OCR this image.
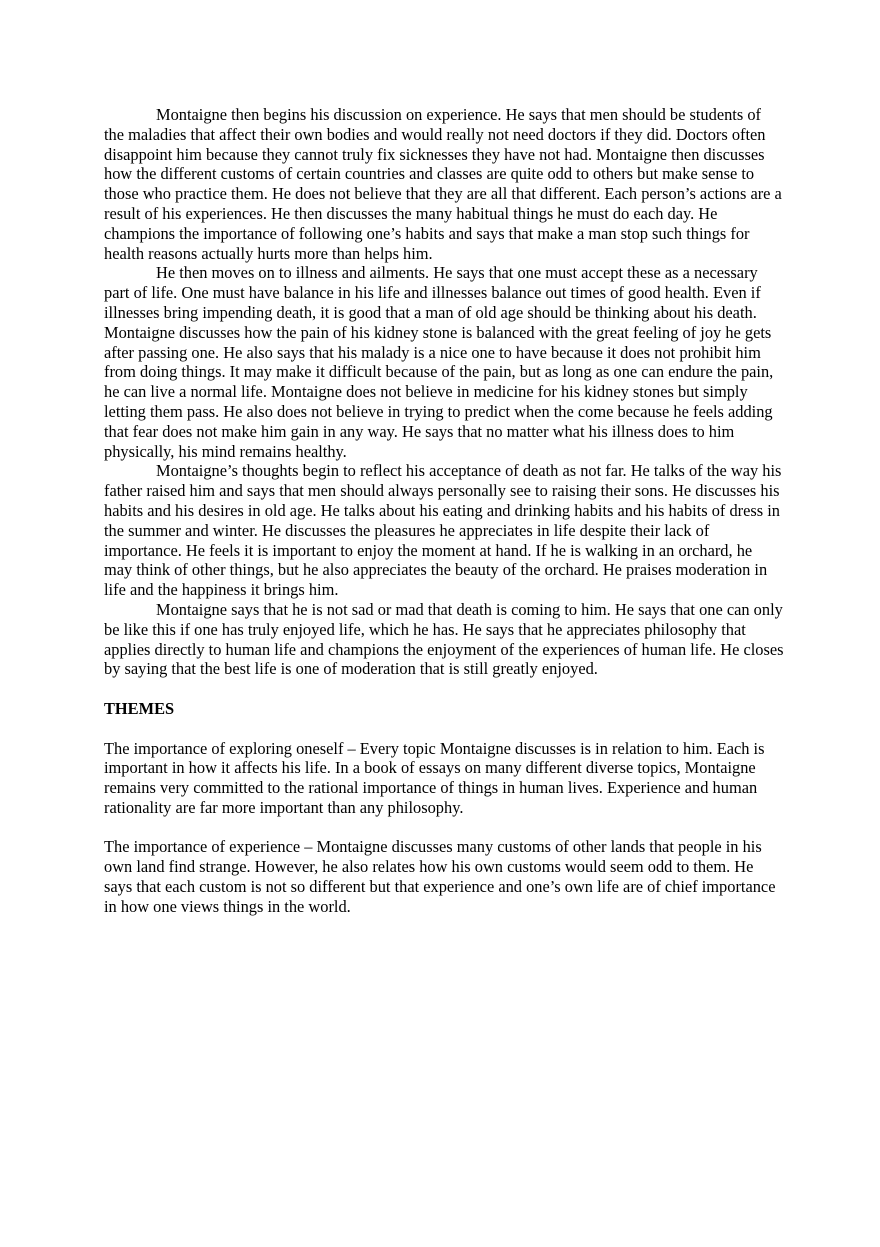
Montaigne then begins his discussion on experience. He says that men should be students of the maladies that affect their own bodies and would really not need doctors if they did. Doctors often disappoint him because they cannot truly fix sicknesses they have not had. Montaigne then discusses how the different customs of certain countries and classes are quite odd to others but make sense to those who practice them. He does not believe that they are all that different. Each person’s actions are a result of his experiences. He then discusses the many habitual things he must do each day. He champions the importance of following one’s habits and says that make a man stop such things for health reasons actually hurts more than helps him.

He then moves on to illness and ailments. He says that one must accept these as a necessary part of life. One must have balance in his life and illnesses balance out times of good health. Even if illnesses bring impending death, it is good that a man of old age should be thinking about his death. Montaigne discusses how the pain of his kidney stone is balanced with the great feeling of joy he gets after passing one. He also says that his malady is a nice one to have because it does not prohibit him from doing things. It may make it difficult because of the pain, but as long as one can endure the pain, he can live a normal life. Montaigne does not believe in medicine for his kidney stones but simply letting them pass. He also does not believe in trying to predict when the come because he feels adding that fear does not make him gain in any way. He says that no matter what his illness does to him physically, his mind remains healthy.

Montaigne’s thoughts begin to reflect his acceptance of death as not far. He talks of the way his father raised him and says that men should always personally see to raising their sons. He discusses his habits and his desires in old age. He talks about his eating and drinking habits and his habits of dress in the summer and winter. He discusses the pleasures he appreciates in life despite their lack of importance. He feels it is important to enjoy the moment at hand. If he is walking in an orchard, he may think of other things, but he also appreciates the beauty of the orchard. He praises moderation in life and the happiness it brings him.

Montaigne says that he is not sad or mad that death is coming to him. He says that one can only be like this if one has truly enjoyed life, which he has. He says that he appreciates philosophy that applies directly to human life and champions the enjoyment of the experiences of human life. He closes by saying that the best life is one of moderation that is still greatly enjoyed.

THEMES

The importance of exploring oneself – Every topic Montaigne discusses is in relation to him. Each is important in how it affects his life. In a book of essays on many different diverse topics, Montaigne remains very committed to the rational importance of things in human lives. Experience and human rationality are far more important than any philosophy.

The importance of experience – Montaigne discusses many customs of other lands that people in his own land find strange. However, he also relates how his own customs would seem odd to them. He says that each custom is not so different but that experience and one’s own life are of chief importance in how one views things in the world.
